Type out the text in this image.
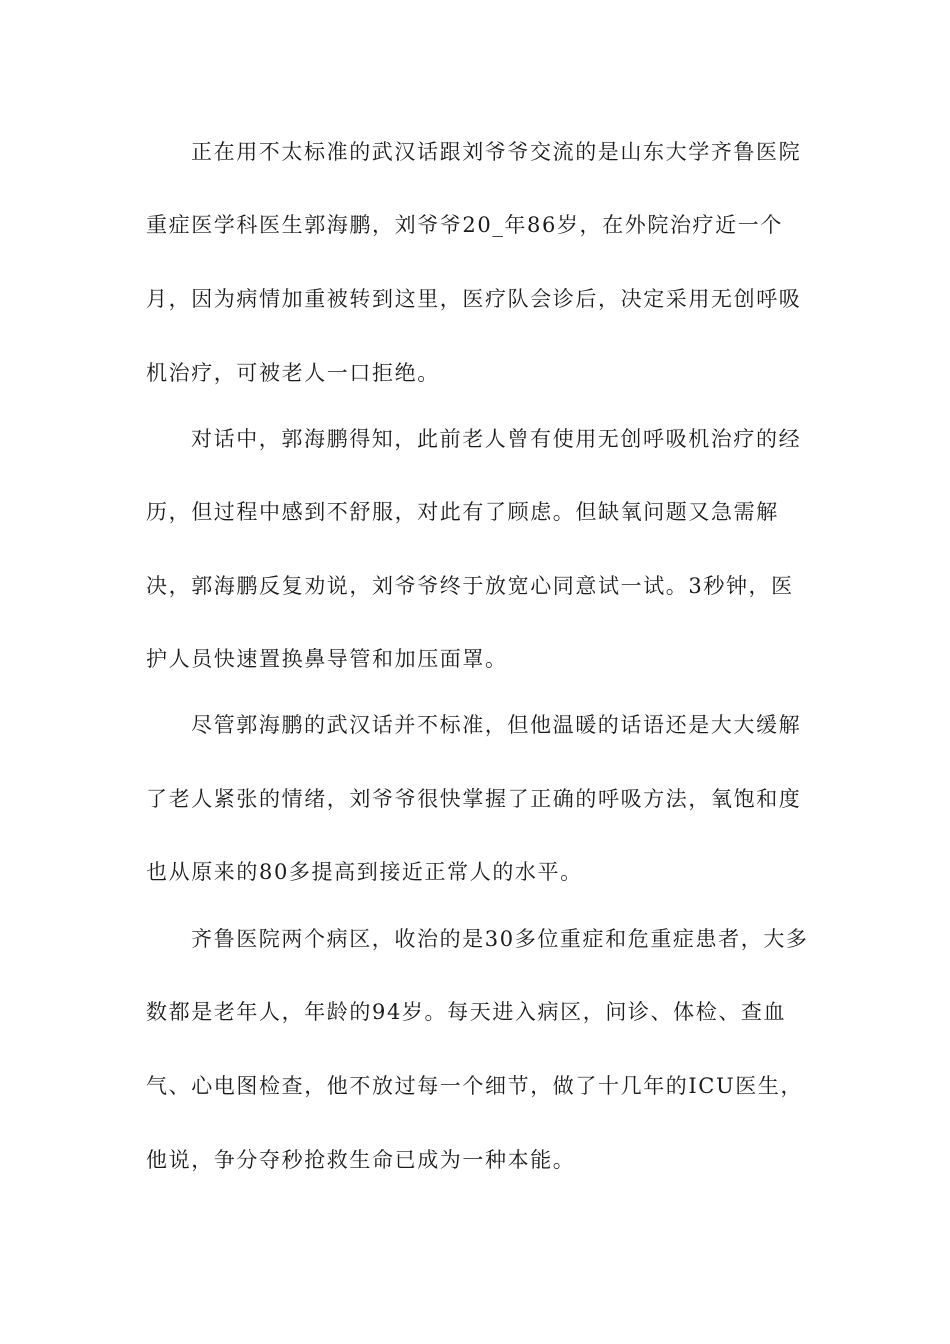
正在用不太标准的武汉话跟刘爷爷交流的是山东大学齐鲁医院
重症医学科医生郭海鹏，刘爷爷20_年86岁，在外院治疗近一个
月，因为病情加重被转到这里，医疗队会诊后，决定采用无创呼吸
机治疗，可被老人一口拒绝。
对话中，郭海鹏得知，此前老人曾有使用无创呼吸机治疗的经
历，但过程中感到不舒服，对此有了顾虑。但缺氧问题又急需解
决，郭海鹏反复劝说，刘爷爷终于放宽心同意试一试。3秒钟，医
护人员快速置换鼻导管和加压面罩。
尽管郭海鹏的武汉话并不标准，但他温暖的话语还是大大缓解
了老人紧张的情绪，刘爷爷很快掌握了正确的呼吸方法，氧饱和度
也从原来的80多提高到接近正常人的水平。
齐鲁医院两个病区，收治的是30多位重症和危重症患者，大多
数都是老年人，年龄的94岁。每天进入病区，问诊、体检、查血
气、心电图检查，他不放过每一个细节，做了十几年的ICU医生，
他说，争分夺秒抢救生命已成为一种本能。
